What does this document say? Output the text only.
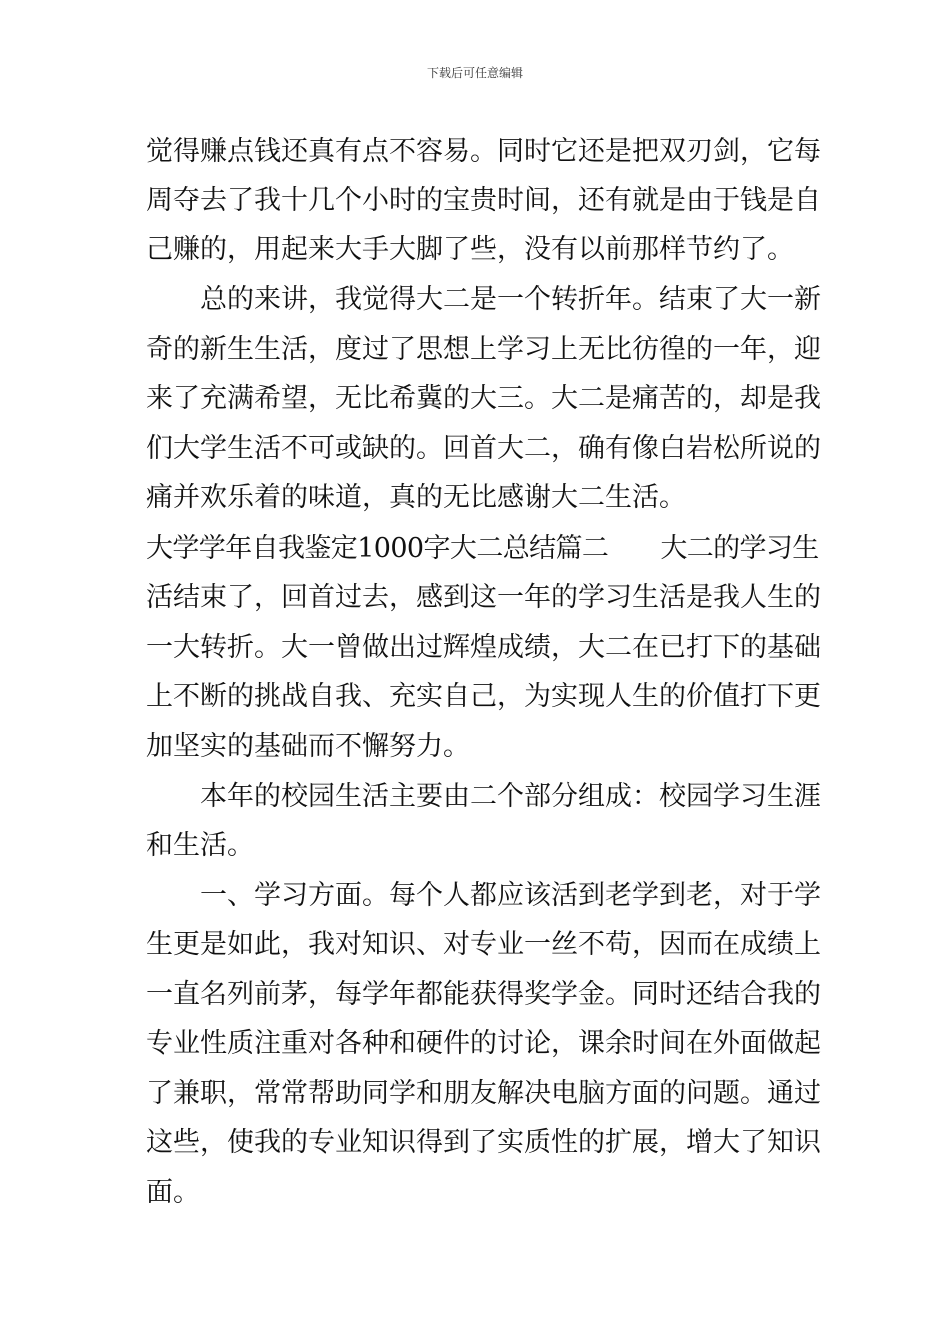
下载后可任意编辑
觉得赚点钱还真有点不容易。同时它还是把双刃剑，它每
周夺去了我十几个小时的宝贵时间，还有就是由于钱是自
己赚的，用起来大手大脚了些，没有以前那样节约了。
总的来讲，我觉得大二是一个转折年。结束了大一新
奇的新生生活，度过了思想上学习上无比彷徨的一年，迎
来了充满希望，无比希冀的大三。大二是痛苦的，却是我
们大学生活不可或缺的。回首大二，确有像白岩松所说的
痛并欢乐着的味道，真的无比感谢大二生活。
大学学年自我鉴定1000字大二总结篇二 大二的学习生
活结束了，回首过去，感到这一年的学习生活是我人生的
一大转折。大一曾做出过辉煌成绩，大二在已打下的基础
上不断的挑战自我、充实自己，为实现人生的价值打下更
加坚实的基础而不懈努力。
本年的校园生活主要由二个部分组成：校园学习生涯
和生活。
一、学习方面。每个人都应该活到老学到老，对于学
生更是如此，我对知识、对专业一丝不苟，因而在成绩上
一直名列前茅，每学年都能获得奖学金。同时还结合我的
专业性质注重对各种和硬件的讨论，课余时间在外面做起
了兼职，常常帮助同学和朋友解决电脑方面的问题。通过
这些，使我的专业知识得到了实质性的扩展，增大了知识
面。
